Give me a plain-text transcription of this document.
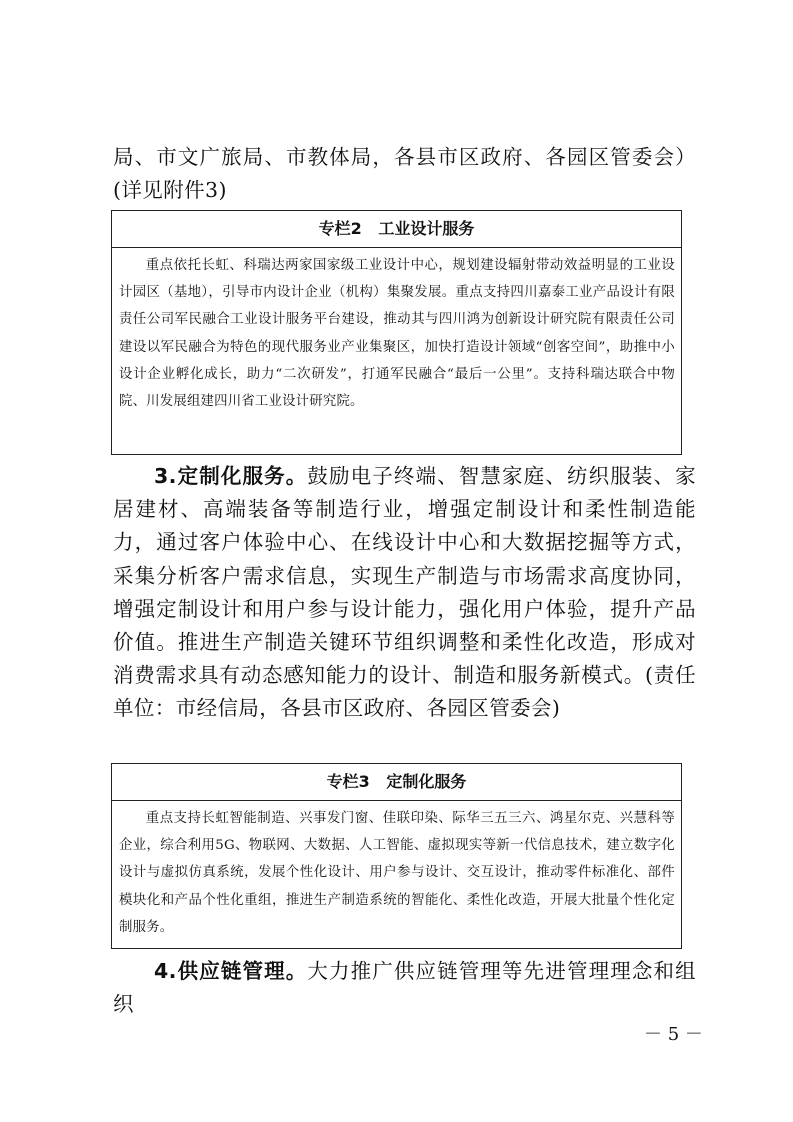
局、市文广旅局、市教体局，各县市区政府、各园区管委会）(详见附件3)

专栏2   工业设计服务
重点依托长虹、科瑞达两家国家级工业设计中心，规划建设辐射带动效益明显的工业设计园区（基地），引导市内设计企业（机构）集聚发展。重点支持四川嘉泰工业产品设计有限责任公司军民融合工业设计服务平台建设，推动其与四川鸿为创新设计研究院有限责任公司建设以军民融合为特色的现代服务业产业集聚区，加快打造设计领域“创客空间”，助推中小设计企业孵化成长，助力“二次研发”，打通军民融合“最后一公里”。支持科瑞达联合中物院、川发展组建四川省工业设计研究院。

3.定制化服务。鼓励电子终端、智慧家庭、纺织服装、家居建材、高端装备等制造行业，增强定制设计和柔性制造能力，通过客户体验中心、在线设计中心和大数据挖掘等方式，采集分析客户需求信息，实现生产制造与市场需求高度协同，增强定制设计和用户参与设计能力，强化用户体验，提升产品价值。推进生产制造关键环节组织调整和柔性化改造，形成对消费需求具有动态感知能力的设计、制造和服务新模式。(责任单位：市经信局，各县市区政府、各园区管委会)

专栏3   定制化服务
重点支持长虹智能制造、兴事发门窗、佳联印染、际华三五三六、鸿星尔克、兴慧科等企业，综合利用5G、物联网、大数据、人工智能、虚拟现实等新一代信息技术，建立数字化设计与虚拟仿真系统，发展个性化设计、用户参与设计、交互设计，推动零件标准化、部件模块化和产品个性化重组，推进生产制造系统的智能化、柔性化改造，开展大批量个性化定制服务。

4.供应链管理。大力推广供应链管理等先进管理理念和组织

－ 5 －
